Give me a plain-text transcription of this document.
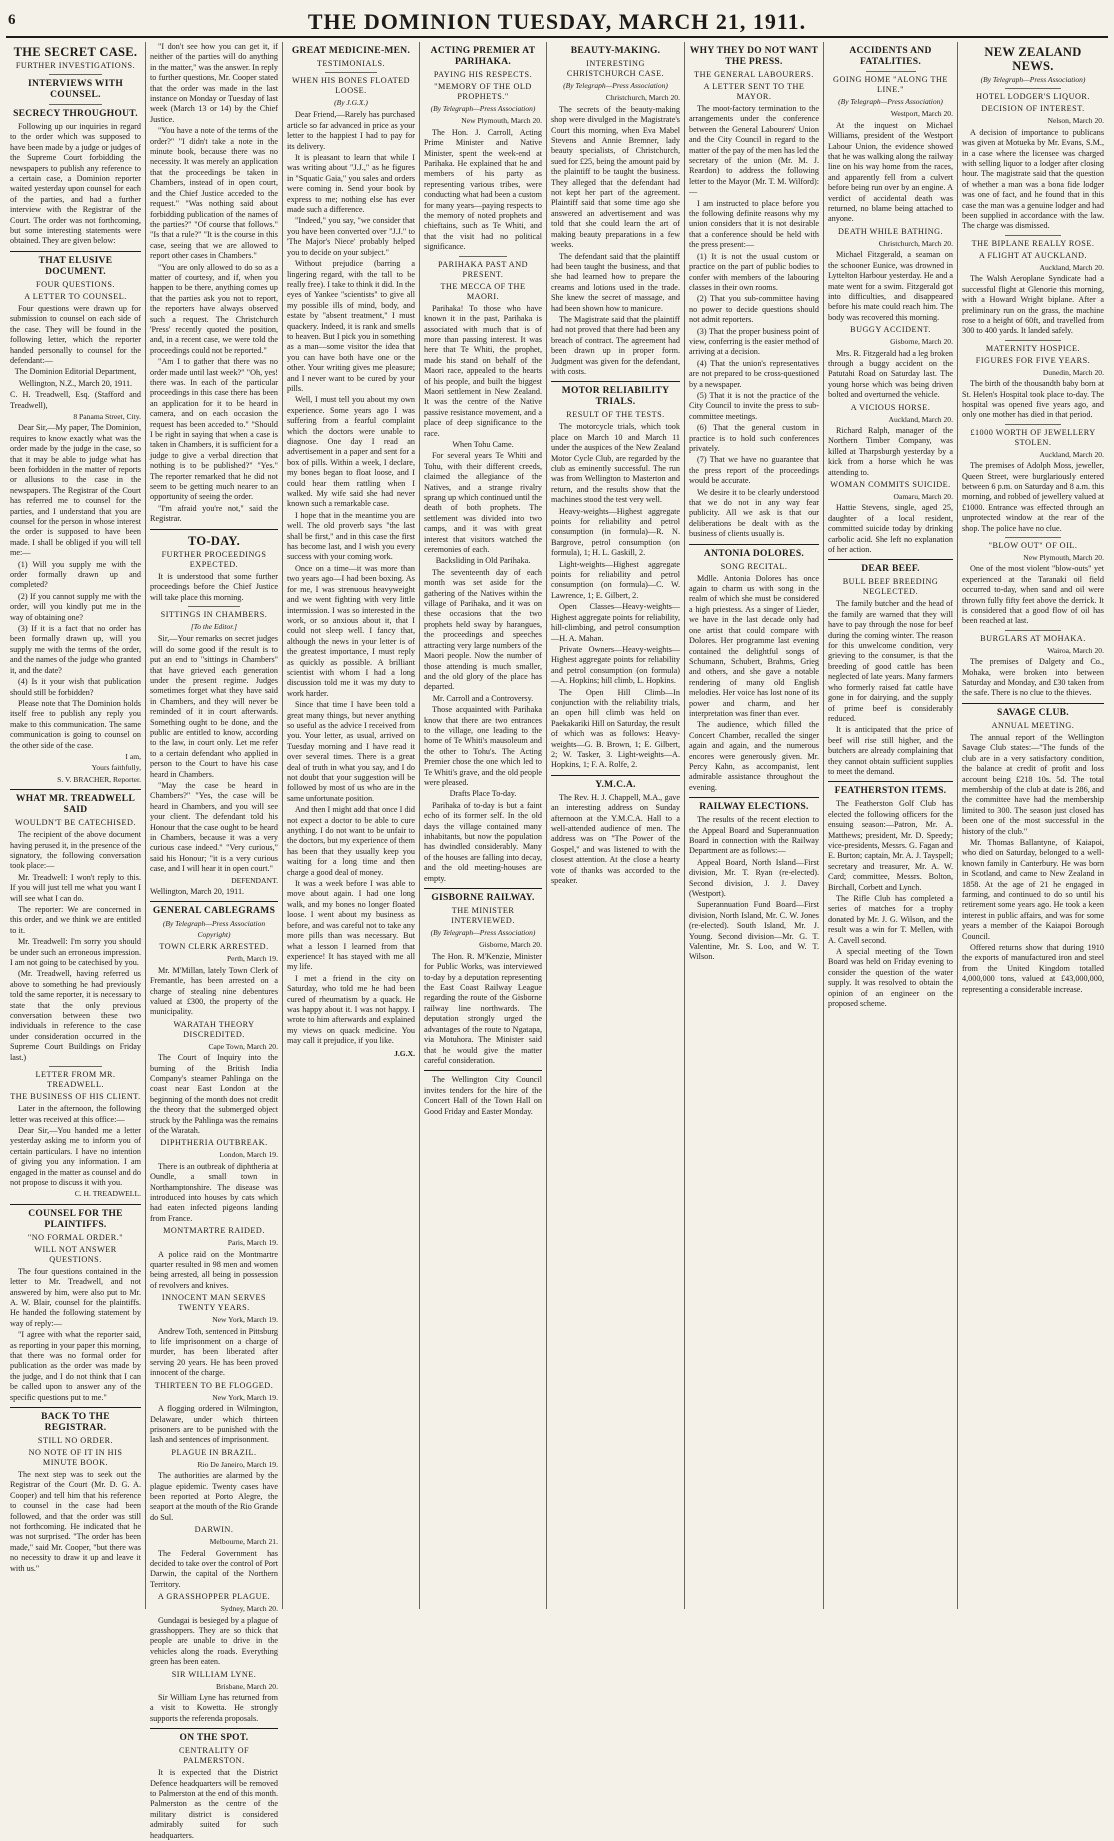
6	THE DOMINION TUESDAY, MARCH 21, 1911.
THE SECRET CASE.
FURTHER INVESTIGATIONS.
INTERVIEWS WITH COUNSEL.
SECRECY THROUGHOUT.

Following up our inquiries in regard to the order which was supposed to have been made by a judge or judges of the Supreme Court forbidding the newspapers to publish any reference to a certain case, a Dominion reporter waited yesterday upon counsel for each of the parties, and had a further interview with the Registrar of the Court. The order was not forthcoming, but some interesting statements were obtained. They are given below:

THAT ELUSIVE DOCUMENT.
FOUR QUESTIONS.
A LETTER TO COUNSEL.

Four questions were drawn up for submission to counsel on each side of the case. They will be found in the following letter, which the reporter handed personally to counsel for the defendant:—

The Dominion Editorial Department,

Wellington, N.Z., March 20, 1911.

C. H. Treadwell, Esq. (Stafford and Treadwell),

8 Panama Street, City.

Dear Sir,—My paper, The Dominion, requires to know exactly what was the order made by the judge in the case, so that it may be able to judge what has been forbidden in the matter of reports or allusions to the case in the newspapers. The Registrar of the Court has referred me to counsel for the parties, and I understand that you are counsel for the person in whose interest the order is supposed to have been made. I shall be obliged if you will tell me:—

(1) Will you supply me with the order formally drawn up and completed?

(2) If you cannot supply me with the order, will you kindly put me in the way of obtaining one?

(3) If it is a fact that no order has been formally drawn up, will you supply me with the terms of the order, and the names of the judge who granted it, and the date?

(4) Is it your wish that publication should still be forbidden?

Please note that The Dominion holds itself free to publish any reply you make to this communication. The same communication is going to counsel on the other side of the case.

I am,

Yours faithfully,

S. V. BRACHER, Reporter.

WHAT MR. TREADWELL SAID
WOULDN'T BE CATECHISED.

The recipient of the above document having perused it, in the presence of the signatory, the following conversation took place:—

Mr. Treadwell: I won't reply to this. If you will just tell me what you want I will see what I can do.

The reporter: We are concerned in this order, and we think we are entitled to it.

Mr. Treadwell: I'm sorry you should be under such an erroneous impression. I am not going to be catechised by you.

(Mr. Treadwell, having referred us above to something he had previously told the same reporter, it is necessary to state that the only previous conversation between these two individuals in reference to the case under consideration occurred in the Supreme Court Buildings on Friday last.)

LETTER FROM MR. TREADWELL.
THE BUSINESS OF HIS CLIENT.

Later in the afternoon, the following letter was received at this office:—

Dear Sir,—You handed me a letter yesterday asking me to inform you of certain particulars. I have no intention of giving you any information. I am engaged in the matter as counsel and do not propose to discuss it with you.

C. H. TREADWELL.

COUNSEL FOR THE PLAINTIFFS.
"NO FORMAL ORDER."
WILL NOT ANSWER QUESTIONS.

The four questions contained in the letter to Mr. Treadwell, and not answered by him, were also put to Mr. A. W. Blair, counsel for the plaintiffs. He handed the following statement by way of reply:—

"I agree with what the reporter said, as reporting in your paper this morning, that there was no formal order for publication as the order was made by the judge, and I do not think that I can be called upon to answer any of the specific questions put to me."

BACK TO THE REGISTRAR.
STILL NO ORDER.
NO NOTE OF IT IN HIS MINUTE BOOK.

The next step was to seek out the Registrar of the Court (Mr. D. G. A. Cooper) and tell him that his reference to counsel in the case had been followed, and that the order was still not forthcoming. He indicated that he was not surprised. "The order has been made," said Mr. Cooper, "but there was no necessity to draw it up and leave it with us."

"I don't see how you can get it, if neither of the parties will do anything in the matter," was the answer. In reply to further questions, Mr. Cooper stated that the order was made in the last instance on Monday or Tuesday of last week (March 13 or 14) by the Chief Justice.

"You have a note of the terms of the order?" "I didn't take a note in the minute book, because there was no necessity. It was merely an application that the proceedings be taken in Chambers, instead of in open court, and the Chief Justice acceded to the request." "Was nothing said about forbidding publication of the names of the parties?" "Of course that follows." "Is that a rule?" "It is the course in this case, seeing that we are allowed to report other cases in Chambers."

"You are only allowed to do so as a matter of courtesy, and if, when you happen to be there, anything comes up that the parties ask you not to report, the reporters have always observed such a request. The Christchurch 'Press' recently quoted the position, and, in a recent case, we were told the proceedings could not be reported."

"Am I to gather that there was no order made until last week?" "Oh, yes! there was. In each of the particular proceedings in this case there has been an application for it to be heard in camera, and on each occasion the request has been acceded to." "Should I be right in saying that when a case is taken in Chambers, it is sufficient for a judge to give a verbal direction that nothing is to be published?" "Yes." The reporter remarked that he did not seem to be getting much nearer to an opportunity of seeing the order.

"I'm afraid you're not," said the Registrar.

TO-DAY.
FURTHER PROCEEDINGS EXPECTED.

It is understood that some further proceedings before the Chief Justice will take place this morning.

SITTINGS IN CHAMBERS.
[To the Editor.]

Sir,—Your remarks on secret judges will do some good if the result is to put an end to "sittings in Chambers" that have grieved each generation under the present regime. Judges sometimes forget what they have said in Chambers, and they will never be reminded of it in court afterwards. Something ought to be done, and the public are entitled to know, according to the law, in court only. Let me refer to a certain defendant who applied in person to the Court to have his case heard in Chambers.

"May the case be heard in Chambers?" "Yes, the case will be heard in Chambers, and you will see your client. The defendant told his Honour that the case ought to be heard in Chambers, because it was a very curious case indeed." "Very curious," said his Honour; "it is a very curious case, and I will hear it in open court."

DEFENDANT.

Wellington, March 20, 1911.

GENERAL CABLEGRAMS
(By Telegraph—Press Association Copyright)
TOWN CLERK ARRESTED.

Perth, March 19.

Mr. M'Millan, lately Town Clerk of Fremantle, has been arrested on a charge of stealing nine debentures valued at £300, the property of the municipality.

WARATAH THEORY DISCREDITED.

Cape Town, March 20.

The Court of Inquiry into the burning of the British India Company's steamer Pahlinga on the coast near East London at the beginning of the month does not credit the theory that the submerged object struck by the Pahlinga was the remains of the Waratah.

DIPHTHERIA OUTBREAK.

London, March 19.

There is an outbreak of diphtheria at Oundle, a small town in Northamptonshire. The disease was introduced into houses by cats which had eaten infected pigeons landing from France.

MONTMARTRE RAIDED.

Paris, March 19.

A police raid on the Montmartre quarter resulted in 98 men and women being arrested, all being in possession of revolvers and knives.

INNOCENT MAN SERVES TWENTY YEARS.

New York, March 19.

Andrew Toth, sentenced in Pittsburg to life imprisonment on a charge of murder, has been liberated after serving 20 years. He has been proved innocent of the charge.

THIRTEEN TO BE FLOGGED.

New York, March 19.

A flogging ordered in Wilmington, Delaware, under which thirteen prisoners are to be punished with the lash and sentences of imprisonment.

PLAGUE IN BRAZIL.

Rio De Janeiro, March 19.

The authorities are alarmed by the plague epidemic. Twenty cases have been reported at Porto Alegre, the seaport at the mouth of the Rio Grande do Sul.

DARWIN.

Melbourne, March 21.

The Federal Government has decided to take over the control of Port Darwin, the capital of the Northern Territory.

A GRASSHOPPER PLAGUE.

Sydney, March 20.

Gundagai is besieged by a plague of grasshoppers. They are so thick that people are unable to drive in the vehicles along the roads. Everything green has been eaten.

SIR WILLIAM LYNE.

Brisbane, March 20.

Sir William Lyne has returned from a visit to Kowetta. He strongly supports the referenda proposals.

ON THE SPOT.
CENTRALITY OF PALMERSTON.

It is expected that the District Defence headquarters will be removed to Palmerston at the end of this month. Palmerston as the centre of the military district is considered admirably suited for such headquarters.

GREAT MEDICINE-MEN.
TESTIMONIALS.
WHEN HIS BONES FLOATED LOOSE.
(By J.G.X.)

Dear Friend,—Rarely has purchased article so far advanced in price as your letter to the happiest I had to pay for its delivery.

It is pleasant to learn that while I was writing about "J.J.," as he figures in "Squatic Gaia," you sales and orders were coming in. Send your book by express to me; nothing else has ever made such a difference.

"Indeed," you say, "we consider that you have been converted over "J.J." to 'The Major's Niece' probably helped you to decide on your subject."

Without prejudice (barring a lingering regard, with the tall to be really free). I take to think it did. In the eyes of Yankee "scientists" to give all my possible ills of mind, body, and estate by "absent treatment," I must quackery. Indeed, it is rank and smells to heaven. But I pick you in something as a man—some visitor the idea that you can have both have one or the other. Your writing gives me pleasure; and I never want to be cured by your pills.

Well, I must tell you about my own experience. Some years ago I was suffering from a fearful complaint which the doctors were unable to diagnose. One day I read an advertisement in a paper and sent for a box of pills. Within a week, I declare, my bones began to float loose, and I could hear them rattling when I walked. My wife said she had never known such a remarkable case.

I hope that in the meantime you are well. The old proverb says "the last shall be first," and in this case the first has become last, and I wish you every success with your coming work.

Once on a time—it was more than two years ago—I had been boxing. As for me, I was strenuous heavyweight and we went fighting with very little intermission. I was so interested in the work, or so anxious about it, that I could not sleep well. I fancy that, although the news in your letter is of the greatest importance, I must reply as quickly as possible. A brilliant scientist with whom I had a long discussion told me it was my duty to work harder.

Since that time I have been told a great many things, but never anything so useful as the advice I received from you. Your letter, as usual, arrived on Tuesday morning and I have read it over several times. There is a great deal of truth in what you say, and I do not doubt that your suggestion will be followed by most of us who are in the same unfortunate position.

And then I might add that once I did not expect a doctor to be able to cure anything. I do not want to be unfair to the doctors, but my experience of them has been that they usually keep you waiting for a long time and then charge a good deal of money.

It was a week before I was able to move about again. I had one long walk, and my bones no longer floated loose. I went about my business as before, and was careful not to take any more pills than was necessary. But what a lesson I learned from that experience! It has stayed with me all my life.

I met a friend in the city on Saturday, who told me he had been cured of rheumatism by a quack. He was happy about it. I was not happy. I wrote to him afterwards and explained my views on quack medicine. You may call it prejudice, if you like.

J.G.X.
ACTING PREMIER AT PARIHAKA.
PAYING HIS RESPECTS.
"MEMORY OF THE OLD PROPHETS."
(By Telegraph—Press Association)

New Plymouth, March 20.

The Hon. J. Carroll, Acting Prime Minister and Native Minister, spent the week-end at Parihaka. He explained that he and members of his party as representing various tribes, were conducting what had been a custom for many years—paying respects to the memory of noted prophets and chieftains, such as Te Whiti, and that the visit had no political significance.

PARIHAKA PAST AND PRESENT.
THE MECCA OF THE MAORI.

Parihaka! To those who have known it in the past, Parihaka is associated with much that is of more than passing interest. It was here that Te Whiti, the prophet, made his stand on behalf of the Maori race, appealed to the hearts of his people, and built the biggest Maori settlement in New Zealand. It was the centre of the Native passive resistance movement, and a place of deep significance to the race.

When Tohu Came.

For several years Te Whiti and Tohu, with their different creeds, claimed the allegiance of the Natives, and a strange rivalry sprang up which continued until the death of both prophets. The settlement was divided into two camps, and it was with great interest that visitors watched the ceremonies of each.

Backsliding in Old Parihaka.

The seventeenth day of each month was set aside for the gathering of the Natives within the village of Parihaka, and it was on these occasions that the two prophets held sway by harangues, the proceedings and speeches attracting very large numbers of the Maori people. Now the number of those attending is much smaller, and the old glory of the place has departed.

Mr. Carroll and a Controversy.

Those acquainted with Parihaka know that there are two entrances to the village, one leading to the home of Te Whiti's mausoleum and the other to Tohu's. The Acting Premier chose the one which led to Te Whiti's grave, and the old people were pleased.

Drafts Place To-day.

Parihaka of to-day is but a faint echo of its former self. In the old days the village contained many inhabitants, but now the population has dwindled considerably. Many of the houses are falling into decay, and the old meeting-houses are empty.

GISBORNE RAILWAY.
THE MINISTER INTERVIEWED.
(By Telegraph—Press Association)

Gisborne, March 20.

The Hon. R. M'Kenzie, Minister for Public Works, was interviewed to-day by a deputation representing the East Coast Railway League regarding the route of the Gisborne railway line northwards. The deputation strongly urged the advantages of the route to Ngatapa, via Motuhora. The Minister said that he would give the matter careful consideration.

The Wellington City Council invites tenders for the hire of the Concert Hall of the Town Hall on Good Friday and Easter Monday.

BEAUTY-MAKING.
INTERESTING CHRISTCHURCH CASE.
(By Telegraph—Press Association)

Christchurch, March 20.

The secrets of the beauty-making shop were divulged in the Magistrate's Court this morning, when Eva Mabel Stevens and Annie Bremner, lady beauty specialists, of Christchurch, sued for £25, being the amount paid by the plaintiff to be taught the business. They alleged that the defendant had not kept her part of the agreement. Plaintiff said that some time ago she answered an advertisement and was told that she could learn the art of making beauty preparations in a few weeks.

The defendant said that the plaintiff had been taught the business, and that she had learned how to prepare the creams and lotions used in the trade. She knew the secret of massage, and had been shown how to manicure.

The Magistrate said that the plaintiff had not proved that there had been any breach of contract. The agreement had been drawn up in proper form. Judgment was given for the defendant, with costs.

MOTOR RELIABILITY TRIALS.
RESULT OF THE TESTS.

The motorcycle trials, which took place on March 10 and March 11 under the auspices of the New Zealand Motor Cycle Club, are regarded by the club as eminently successful. The run was from Wellington to Masterton and return, and the results show that the machines stood the test very well.

Heavy-weights—Highest aggregate points for reliability and petrol consumption (in formula)—R. N. Bargrove, petrol consumption (on formula), 1; H. L. Gaskill, 2.

Light-weights—Highest aggregate points for reliability and petrol consumption (on formula)—C. W. Lawrence, 1; E. Gilbert, 2.

Open Classes—Heavy-weights—Highest aggregate points for reliability, hill-climbing, and petrol consumption—H. A. Mahan.

Private Owners—Heavy-weights—Highest aggregate points for reliability and petrol consumption (on formula)—A. Hopkins; hill climb, L. Hopkins.

The Open Hill Climb—In conjunction with the reliability trials, an open hill climb was held on Paekakariki Hill on Saturday, the result of which was as follows: Heavy-weights—G. B. Brown, 1; E. Gilbert, 2; W. Tasker, 3. Light-weights—A. Hopkins, 1; F. A. Rolfe, 2.

Y.M.C.A.

The Rev. H. J. Chappell, M.A., gave an interesting address on Sunday afternoon at the Y.M.C.A. Hall to a well-attended audience of men. The address was on "The Power of the Gospel," and was listened to with the closest attention. At the close a hearty vote of thanks was accorded to the speaker.

WHY THEY DO NOT WANT THE PRESS.
THE GENERAL LABOURERS.
A LETTER SENT TO THE MAYOR.

The moot-factory termination to the arrangements under the conference between the General Labourers' Union and the City Council in regard to the matter of the pay of the men has led the secretary of the union (Mr. M. J. Reardon) to address the following letter to the Mayor (Mr. T. M. Wilford):—

I am instructed to place before you the following definite reasons why my union considers that it is not desirable that a conference should be held with the press present:—

(1) It is not the usual custom or practice on the part of public bodies to confer with members of the labouring classes in their own rooms.

(2) That you sub-committee having no power to decide questions should not admit reporters.

(3) That the proper business point of view, conferring is the easier method of arriving at a decision.

(4) That the union's representatives are not prepared to be cross-questioned by a newspaper.

(5) That it is not the practice of the City Council to invite the press to sub-committee meetings.

(6) That the general custom in practice is to hold such conferences privately.

(7) That we have no guarantee that the press report of the proceedings would be accurate.

We desire it to be clearly understood that we do not in any way fear publicity. All we ask is that our deliberations be dealt with as the business of clients usually is.

ANTONIA DOLORES.
SONG RECITAL.

Mdlle. Antonia Dolores has once again to charm us with song in the realm of which she must be considered a high priestess. As a singer of Lieder, we have in the last decade only had one artist that could compare with Dolores. Her programme last evening contained the delightful songs of Schumann, Schubert, Brahms, Grieg and others, and she gave a notable rendering of many old English melodies. Her voice has lost none of its power and charm, and her interpretation was finer than ever.

The audience, which filled the Concert Chamber, recalled the singer again and again, and the numerous encores were generously given. Mr. Percy Kahn, as accompanist, lent admirable assistance throughout the evening.

RAILWAY ELECTIONS.

The results of the recent election to the Appeal Board and Superannuation Board in connection with the Railway Department are as follows:—

Appeal Board, North Island—First division, Mr. T. Ryan (re-elected). Second division, J. J. Davey (Westport).

Superannuation Fund Board—First division, North Island, Mr. C. W. Jones (re-elected). South Island, Mr. J. Young. Second division—Mr. G. T. Valentine, Mr. S. Loo, and W. T. Wilson.

ACCIDENTS AND FATALITIES.
GOING HOME "ALONG THE LINE."
(By Telegraph—Press Association)

Westport, March 20.

At the inquest on Michael Williams, president of the Westport Labour Union, the evidence showed that he was walking along the railway line on his way home from the races, and apparently fell from a culvert before being run over by an engine. A verdict of accidental death was returned, no blame being attached to anyone.

DEATH WHILE BATHING.

Christchurch, March 20.

Michael Fitzgerald, a seaman on the schooner Eunice, was drowned in Lyttelton Harbour yesterday. He and a mate went for a swim. Fitzgerald got into difficulties, and disappeared before his mate could reach him. The body was recovered this morning.

BUGGY ACCIDENT.

Gisborne, March 20.

Mrs. R. Fitzgerald had a leg broken through a buggy accident on the Patutahi Road on Saturday last. The young horse which was being driven bolted and overturned the vehicle.

A VICIOUS HORSE.

Auckland, March 20.

Richard Ralph, manager of the Northern Timber Company, was killed at Tharpsburgh yesterday by a kick from a horse which he was attending to.

WOMAN COMMITS SUICIDE.

Oamaru, March 20.

Hattie Stevens, single, aged 25, daughter of a local resident, committed suicide today by drinking carbolic acid. She left no explanation of her action.

DEAR BEEF.
BULL BEEF BREEDING NEGLECTED.

The family butcher and the head of the family are warned that they will have to pay through the nose for beef during the coming winter. The reason for this unwelcome condition, very grieving to the consumer, is that the breeding of good cattle has been neglected of late years. Many farmers who formerly raised fat cattle have gone in for dairying, and the supply of prime beef is considerably reduced.

It is anticipated that the price of beef will rise still higher, and the butchers are already complaining that they cannot obtain sufficient supplies to meet the demand.

FEATHERSTON ITEMS.

The Featherston Golf Club has elected the following officers for the ensuing season:—Patron, Mr. A. Matthews; president, Mr. D. Speedy; vice-presidents, Messrs. G. Fagan and E. Burton; captain, Mr. A. J. Tayspell; secretary and treasurer, Mr. A. W. Card; committee, Messrs. Bolton, Birchall, Corbett and Lynch.

The Rifle Club has completed a series of matches for a trophy donated by Mr. J. G. Wilson, and the result was a win for T. Mellen, with A. Cavell second.

A special meeting of the Town Board was held on Friday evening to consider the question of the water supply. It was resolved to obtain the opinion of an engineer on the proposed scheme.

NEW ZEALAND NEWS.
(By Telegraph—Press Association)
HOTEL LODGER'S LIQUOR.
DECISION OF INTEREST.

Nelson, March 20.

A decision of importance to publicans was given at Motueka by Mr. Evans, S.M., in a case where the licensee was charged with selling liquor to a lodger after closing hour. The magistrate said that the question of whether a man was a bona fide lodger was one of fact, and he found that in this case the man was a genuine lodger and had been supplied in accordance with the law. The charge was dismissed.

THE BIPLANE REALLY ROSE.
A FLIGHT AT AUCKLAND.

Auckland, March 20.

The Walsh Aeroplane Syndicate had a successful flight at Glenorie this morning, with a Howard Wright biplane. After a preliminary run on the grass, the machine rose to a height of 60ft, and travelled from 300 to 400 yards. It landed safely.

MATERNITY HOSPICE.
FIGURES FOR FIVE YEARS.

Dunedin, March 20.

The birth of the thousandth baby born at St. Helen's Hospital took place to-day. The hospital was opened five years ago, and only one mother has died in that period.

£1000 WORTH OF JEWELLERY STOLEN.

Auckland, March 20.

The premises of Adolph Moss, jeweller, Queen Street, were burglariously entered between 6 p.m. on Saturday and 8 a.m. this morning, and robbed of jewellery valued at £1000. Entrance was effected through an unprotected window at the rear of the shop. The police have no clue.

"BLOW OUT" OF OIL.

New Plymouth, March 20.

One of the most violent "blow-outs" yet experienced at the Taranaki oil field occurred to-day, when sand and oil were thrown fully fifty feet above the derrick. It is considered that a good flow of oil has been reached at last.

BURGLARS AT MOHAKA.

Wairoa, March 20.

The premises of Dalgety and Co., Mohaka, were broken into between Saturday and Monday, and £30 taken from the safe. There is no clue to the thieves.

SAVAGE CLUB.
ANNUAL MEETING.

The annual report of the Wellington Savage Club states:—"The funds of the club are in a very satisfactory condition, the balance at credit of profit and loss account being £218 10s. 5d. The total membership of the club at date is 286, and the committee have had the membership limited to 300. The season just closed has been one of the most successful in the history of the club."

Mr. Thomas Ballantyne, of Kaiapoi, who died on Saturday, belonged to a well-known family in Canterbury. He was born in Scotland, and came to New Zealand in 1858. At the age of 21 he engaged in farming, and continued to do so until his retirement some years ago. He took a keen interest in public affairs, and was for some years a member of the Kaiapoi Borough Council.

Offered returns show that during 1910 the exports of manufactured iron and steel from the United Kingdom totalled 4,000,000 tons, valued at £43,000,000, representing a considerable increase.
